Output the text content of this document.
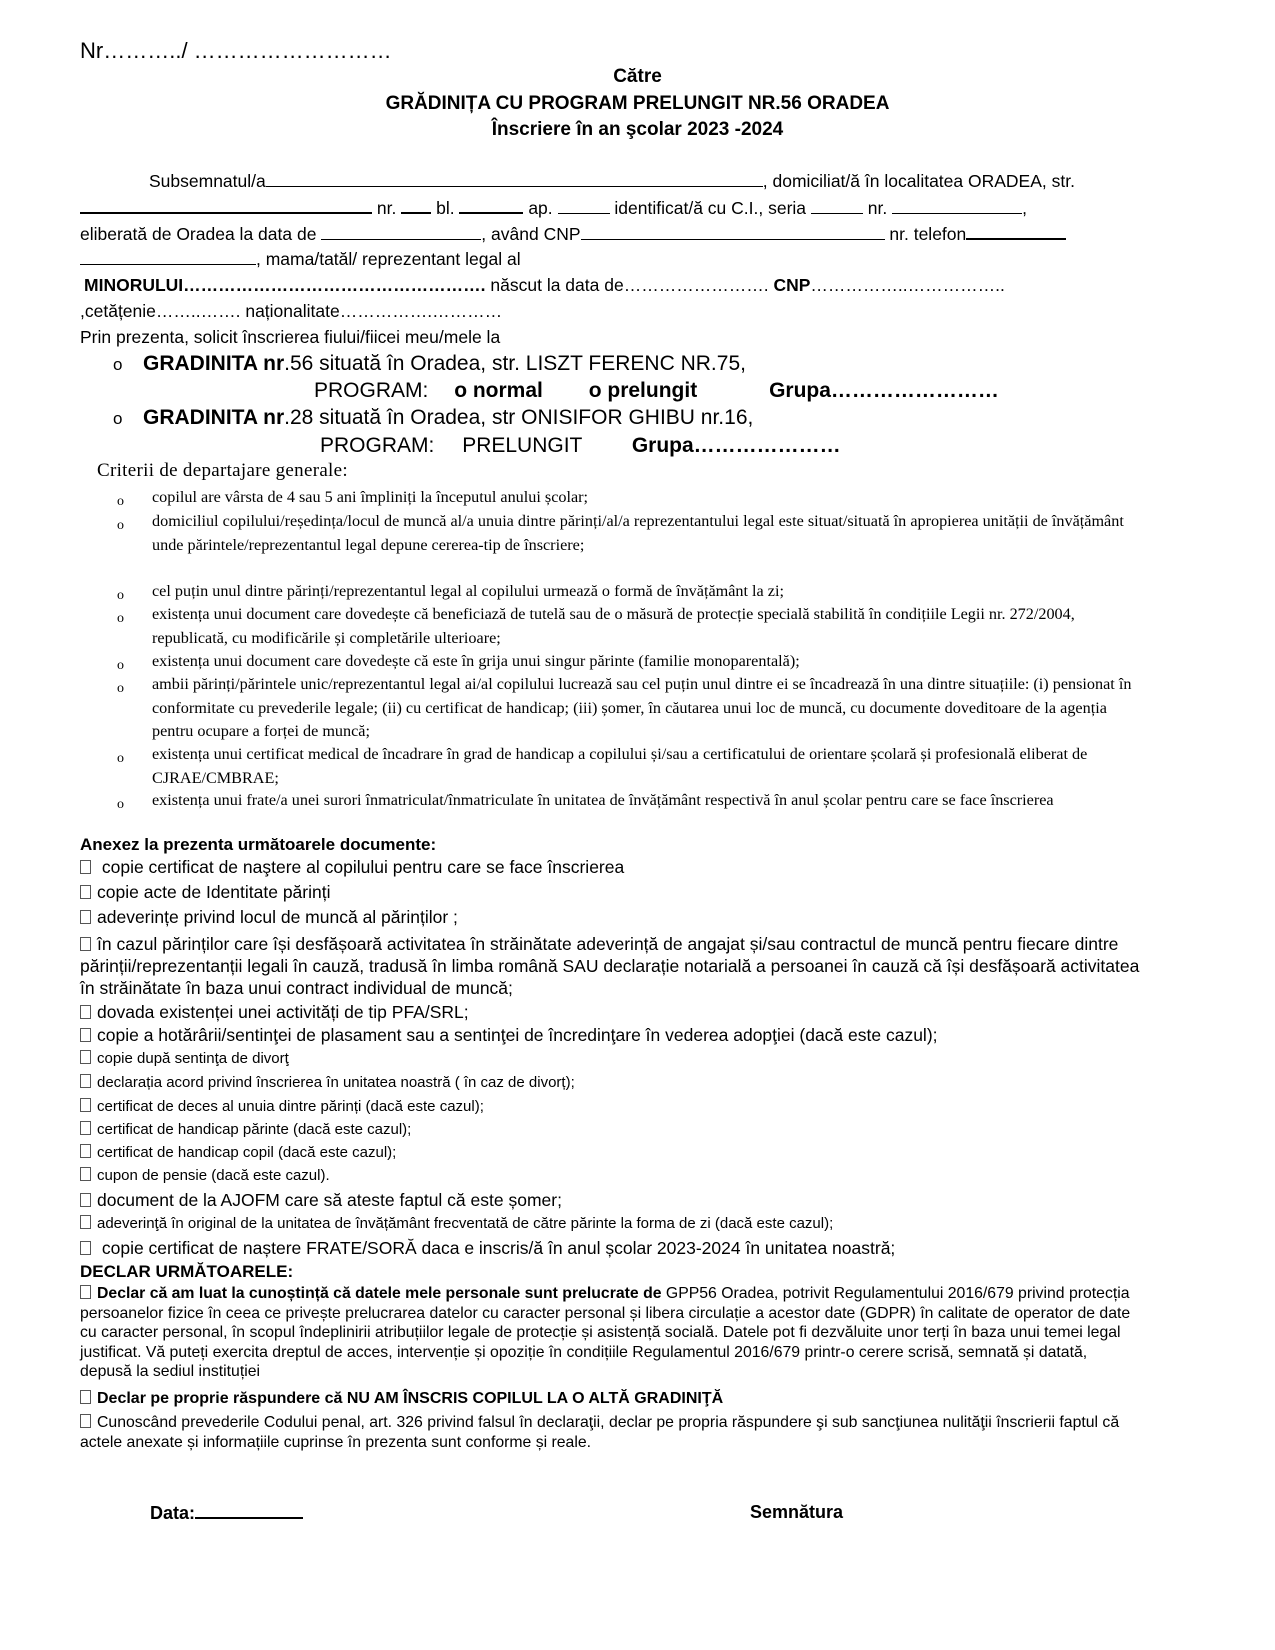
Nr………../ ………………………
Către
GRĂDINIȚA CU PROGRAM PRELUNGIT NR.56 ORADEA
Înscriere în an şcolar 2023 -2024
Subsemnatul/a	, domiciliat/ă în localitatea ORADEA, str.
nr. bl.	ap.	identificat/ă cu C.I., seria	nr.	,
eliberată de Oradea la data de	, având CNP	nr. telefon
, mama/tatăl/ reprezentant legal al
MINORULUI……………………………………………. născut la data de……………………. CNP……………..……………..
,cetățenie……..……. naționalitate…………….…………
Prin prezenta, solicit înscrierea fiului/fiicei meu/mele la
o GRADINITA nr.56 situată în Oradea, str. LISZT FERENC NR.75,
PROGRAM: o normal o prelungit	Grupa……………………
o GRADINITA nr.28 situată în Oradea, str ONISIFOR GHIBU nr.16,
PROGRAM: PRELUNGIT Grupa…………………
Criterii de departajare generale:
o copilul are vârsta de 4 sau 5 ani împliniți la începutul anului școlar;
o domiciliul copilului/reședința/locul de muncă al/a unuia dintre părinți/al/a reprezentantului legal este situat/situată în apropierea unității de învățământ unde părintele/reprezentantul legal depune cererea-tip de înscriere;
o cel puțin unul dintre părinți/reprezentantul legal al copilului urmează o formă de învățământ la zi;
o existența unui document care dovedește că beneficiază de tutelă sau de o măsură de protecție specială stabilită în condițiile Legii nr. 272/2004, republicată, cu modificările și completările ulterioare;
o existența unui document care dovedește că este în grija unui singur părinte (familie monoparentală);
o ambii părinți/părintele unic/reprezentantul legal ai/al copilului lucrează sau cel puțin unul dintre ei se încadrează în una dintre situațiile: (i) pensionat în conformitate cu prevederile legale; (ii) cu certificat de handicap; (iii) șomer, în căutarea unui loc de muncă, cu documente doveditoare de la agenția pentru ocupare a forței de muncă;
o existența unui certificat medical de încadrare în grad de handicap a copilului și/sau a certificatului de orientare școlară și profesională eliberat de CJRAE/CMBRAE;
o existența unui frate/a unei surori înmatriculat/înmatriculate în unitatea de învățământ respectivă în anul școlar pentru care se face înscrierea
Anexez la prezenta următoarele documente:
copie certificat de naştere al copilului pentru care se face înscrierea
copie acte de Identitate părinți
adeverințe privind locul de muncă al părinților ;
în cazul părinților care își desfășoară activitatea în străinătate adeverință de angajat și/sau contractul de muncă pentru fiecare dintre părinții/reprezentanții legali în cauză, tradusă în limba română SAU declarație notarială a persoanei în cauză că își desfășoară activitatea în străinătate în baza unui contract individual de muncă;
dovada existenței unei activități de tip PFA/SRL;
copie a hotărârii/sentinţei de plasament sau a sentinţei de încredinţare în vederea adopţiei (dacă este cazul);
copie după sentinţa de divorţ
declarația acord privind înscrierea în unitatea noastră ( în caz de divorț);
certificat de deces al unuia dintre părinți (dacă este cazul);
certificat de handicap părinte (dacă este cazul);
certificat de handicap copil (dacă este cazul);
cupon de pensie (dacă este cazul).
document de la AJOFM care să ateste faptul că este șomer;
adeverinţă în original de la unitatea de învățământ frecventată de către părinte la forma de zi (dacă este cazul);
copie certificat de naștere FRATE/SORĂ daca e inscris/ă în anul școlar 2023-2024 în unitatea noastră;
DECLAR URMĂTOARELE:
Declar că am luat la cunoștință că datele mele personale sunt prelucrate de GPP56 Oradea, potrivit Regulamentului 2016/679 privind protecția persoanelor fizice în ceea ce privește prelucrarea datelor cu caracter personal și libera circulație a acestor date (GDPR) în calitate de operator de date cu caracter personal, în scopul îndeplinirii atribuțiilor legale de protecție și asistență socială. Datele pot fi dezvăluite unor terți în baza unui temei legal justificat. Vă puteți exercita dreptul de acces, intervenție și opoziție în condițiile Regulamentul 2016/679 printr-o cerere scrisă, semnată și datată, depusă la sediul instituției
Declar pe proprie răspundere că NU AM ÎNSCRIS COPILUL LA O ALTĂ GRADINIŢĂ
Cunoscând prevederile Codului penal, art. 326 privind falsul în declaraţii, declar pe propria răspundere şi sub sancţiunea nulităţii înscrierii faptul că actele anexate și informațiile cuprinse în prezenta sunt conforme și reale.
Data:	Semnătura
